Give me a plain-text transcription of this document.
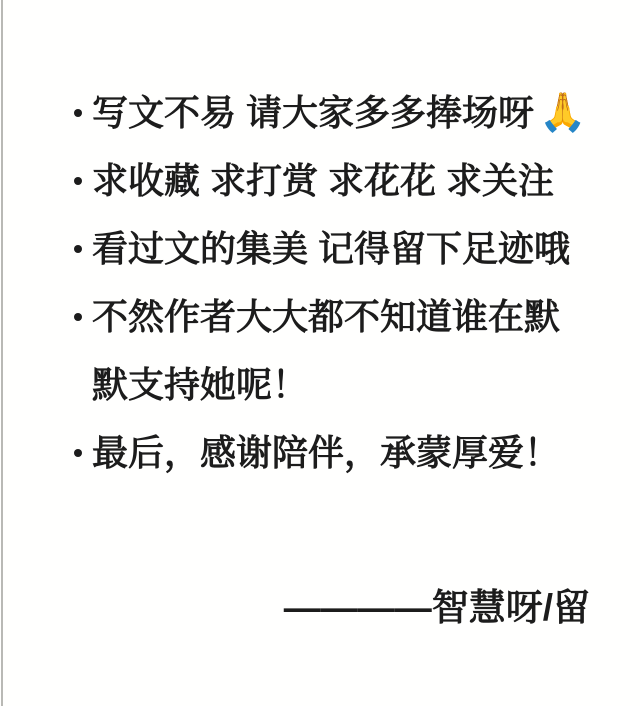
写文不易 请大家多多捧场呀 🙏
求收藏 求打赏 求花花 求关注
看过文的集美 记得留下足迹哦
不然作者大大都不知道谁在默默支持她呢！
最后，感谢陪伴，承蒙厚爱！
————智慧呀/留
